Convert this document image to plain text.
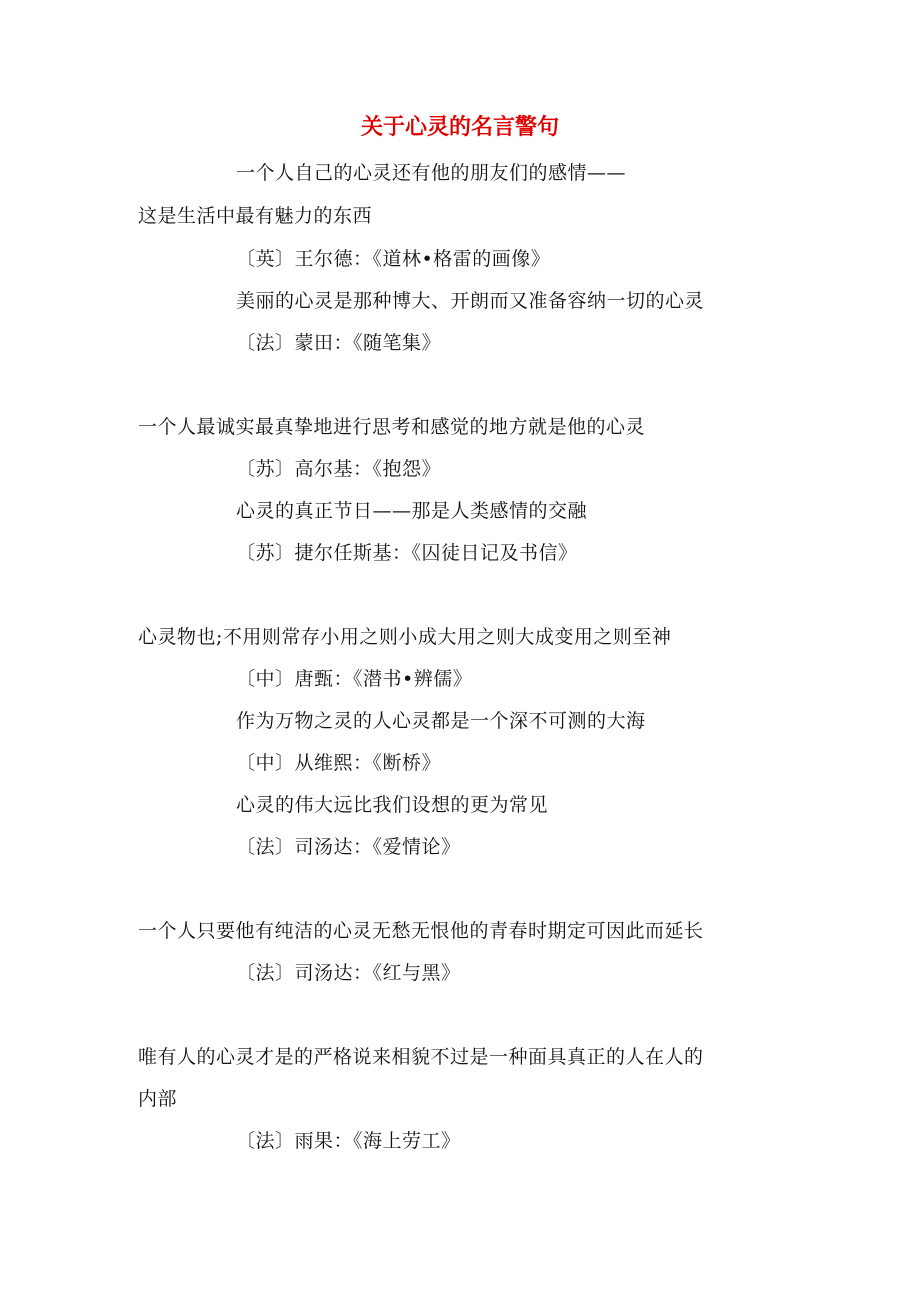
关于心灵的名言警句
一个人自己的心灵还有他的朋友们的感情——
这是生活中最有魅力的东西
〔英〕王尔德：《道林•格雷的画像》
美丽的心灵是那种博大、开朗而又准备容纳一切的心灵
〔法〕蒙田：《随笔集》
一个人最诚实最真挚地进行思考和感觉的地方就是他的心灵
〔苏〕高尔基：《抱怨》
心灵的真正节日——那是人类感情的交融
〔苏〕捷尔任斯基：《囚徒日记及书信》
心灵物也;不用则常存小用之则小成大用之则大成变用之则至神
〔中〕唐甄：《潜书•辨儒》
作为万物之灵的人心灵都是一个深不可测的大海
〔中〕从维熙：《断桥》
心灵的伟大远比我们设想的更为常见
〔法〕司汤达：《爱情论》
一个人只要他有纯洁的心灵无愁无恨他的青春时期定可因此而延长
〔法〕司汤达：《红与黑》
唯有人的心灵才是的严格说来相貌不过是一种面具真正的人在人的
内部
〔法〕雨果：《海上劳工》
